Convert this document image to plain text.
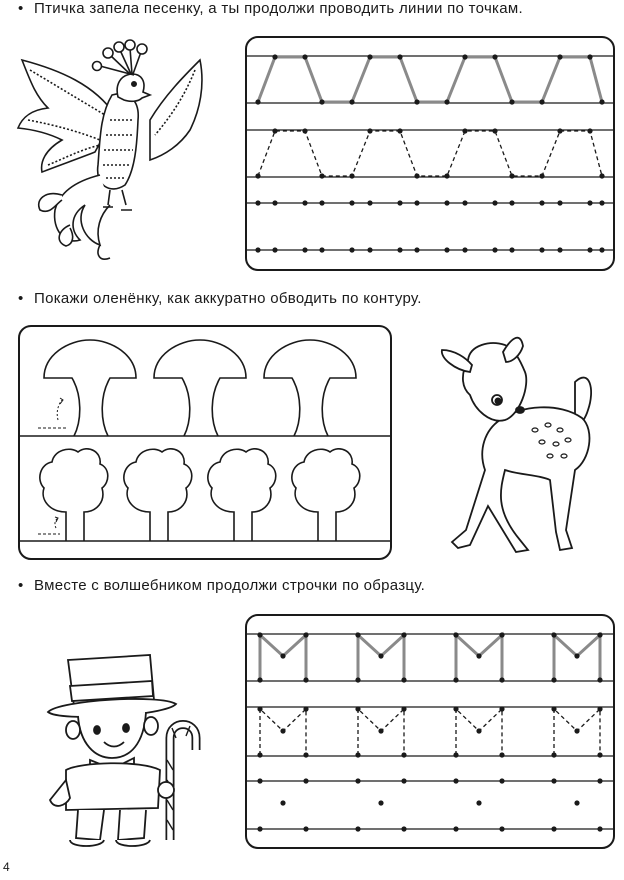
• Птичка запела песенку, а ты продолжи проводить линии по точкам.
• Покажи оленёнку, как аккуратно обводить по контуру.
• Вместе с волшебником продолжи строчки по образцу.
4
